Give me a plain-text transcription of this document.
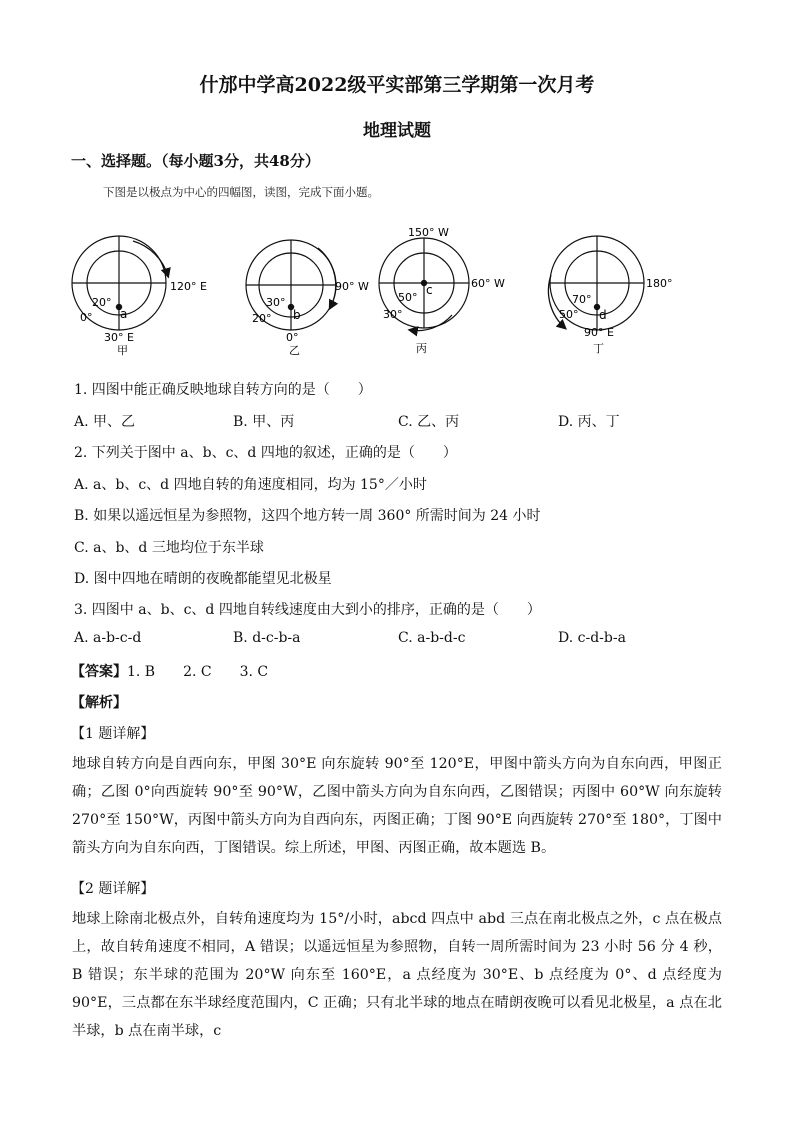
什邡中学高2022级平实部第三学期第一次月考
地理试题
一、选择题。（每小题3分，共48分）
下图是以极点为中心的四幅图，读图，完成下面小题。
120° E
20°
0° a
30° E
甲
90° W
30°
20° b
0°
乙
150° W
60° W
50°
30°
c
丙
180°
70°
50° d
90° E
丁
1. 四图中能正确反映地球自转方向的是（　　）
A. 甲、乙	B. 甲、丙	C. 乙、丙	D. 丙、丁
2. 下列关于图中 a、b、c、d 四地的叙述，正确的是（　　）
A. a、b、c、d 四地自转的角速度相同，均为 15°／小时
B. 如果以遥远恒星为参照物，这四个地方转一周 360° 所需时间为 24 小时
C. a、b、d 三地均位于东半球
D. 图中四地在晴朗的夜晚都能望见北极星
3. 四图中 a、b、c、d 四地自转线速度由大到小的排序，正确的是（　　）
A. a-b-c-d	B. d-c-b-a	C. a-b-d-c	D. c-d-b-a
【答案】1. B　　2. C　　3. C
【解析】
【1 题详解】
地球自转方向是自西向东，甲图 30°E 向东旋转 90°至 120°E，甲图中箭头方向为自东向西，甲图正确；乙图 0°向西旋转 90°至 90°W，乙图中箭头方向为自东向西，乙图错误；丙图中 60°W 向东旋转 270°至 150°W，丙图中箭头方向为自西向东，丙图正确；丁图 90°E 向西旋转 270°至 180°，丁图中箭头方向为自东向西，丁图错误。综上所述，甲图、丙图正确，故本题选 B。
【2 题详解】
地球上除南北极点外，自转角速度均为 15°/小时，abcd 四点中 abd 三点在南北极点之外，c 点在极点上，故自转角速度不相同，A 错误；以遥远恒星为参照物，自转一周所需时间为 23 小时 56 分 4 秒，B 错误；东半球的范围为 20°W 向东至 160°E，a 点经度为 30°E、b 点经度为 0°、d 点经度为 90°E，三点都在东半球经度范围内，C 正确；只有北半球的地点在晴朗夜晚可以看见北极星，a 点在北半球，b 点在南半球，c
